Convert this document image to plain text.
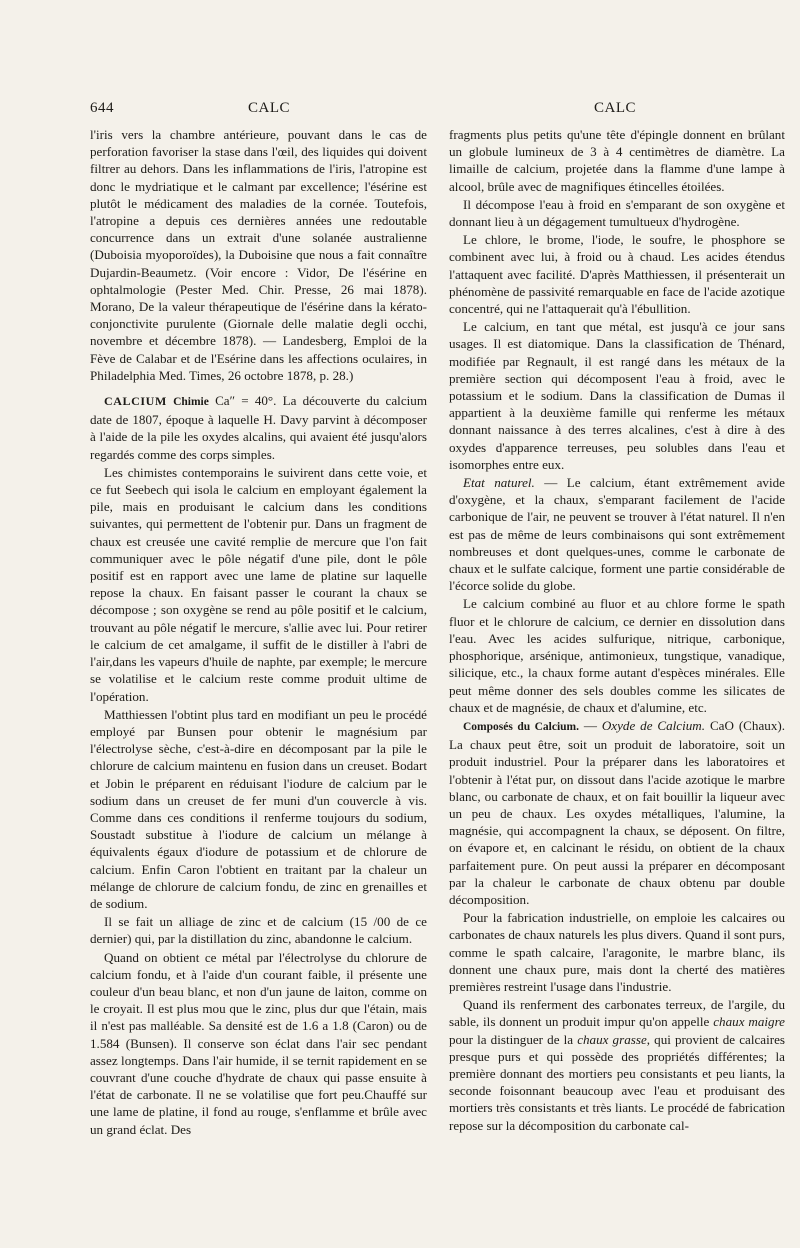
644	CALC	CALC

l'iris vers la chambre antérieure, pouvant dans le cas de perforation favoriser la stase dans l'œil, des liquides qui doivent filtrer au dehors. Dans les inflammations de l'iris, l'atropine est donc le mydriatique et le calmant par excellence; l'ésérine est plutôt le médicament des maladies de la cornée. Toutefois, l'atropine a depuis ces dernières années une redoutable concurrence dans un extrait d'une solanée australienne (Duboisia myoporoïdes), la Duboisine que nous a fait connaître Dujardin-Beaumetz. (Voir encore : Vidor, De l'ésérine en ophtalmologie (Pester Med. Chir. Presse, 26 mai 1878). Morano, De la valeur thérapeutique de l'ésérine dans la kérato-conjonctivite purulente (Giornale delle malatie degli occhi, novembre et décembre 1878). — Landesberg, Emploi de la Fève de Calabar et de l'Esérine dans les affections oculaires, in Philadelphia Med. Times, 26 octobre 1878, p. 28.)

CALCIUM Chimie Ca″ = 40°. La découverte du calcium date de 1807, époque à laquelle H. Davy parvint à décomposer à l'aide de la pile les oxydes alcalins, qui avaient été jusqu'alors regardés comme des corps simples.

Les chimistes contemporains le suivirent dans cette voie, et ce fut Seebech qui isola le calcium en employant également la pile, mais en produisant le calcium dans les conditions suivantes, qui permettent de l'obtenir pur. Dans un fragment de chaux est creusée une cavité remplie de mercure que l'on fait communiquer avec le pôle négatif d'une pile, dont le pôle positif est en rapport avec une lame de platine sur laquelle repose la chaux. En faisant passer le courant la chaux se décompose ; son oxygène se rend au pôle positif et le calcium, trouvant au pôle négatif le mercure, s'allie avec lui. Pour retirer le calcium de cet amalgame, il suffit de le distiller à l'abri de l'air,dans les vapeurs d'huile de naphte, par exemple; le mercure se volatilise et le calcium reste comme produit ultime de l'opération.

Matthiessen l'obtint plus tard en modifiant un peu le procédé employé par Bunsen pour obtenir le magnésium par l'électrolyse sèche, c'est-à-dire en décomposant par la pile le chlorure de calcium maintenu en fusion dans un creuset. Bodart et Jobin le préparent en réduisant l'iodure de calcium par le sodium dans un creuset de fer muni d'un couvercle à vis. Comme dans ces conditions il renferme toujours du sodium, Soustadt substitue à l'iodure de calcium un mélange à équivalents égaux d'iodure de potassium et de chlorure de calcium. Enfin Caron l'obtient en traitant par la chaleur un mélange de chlorure de calcium fondu, de zinc en grenailles et de sodium.

Il se fait un alliage de zinc et de calcium (15 /00 de ce dernier) qui, par la distillation du zinc, abandonne le calcium.

Quand on obtient ce métal par l'électrolyse du chlorure de calcium fondu, et à l'aide d'un courant faible, il présente une couleur d'un beau blanc, et non d'un jaune de laiton, comme on le croyait. Il est plus mou que le zinc, plus dur que l'étain, mais il n'est pas malléable. Sa densité est de 1.6 a 1.8 (Caron) ou de 1.584 (Bunsen). Il conserve son éclat dans l'air sec pendant assez longtemps. Dans l'air humide, il se ternit rapidement en se couvrant d'une couche d'hydrate de chaux qui passe ensuite à l'état de carbonate. Il ne se volatilise que fort peu.Chauffé sur une lame de platine, il fond au rouge, s'enflamme et brûle avec un grand éclat. Des

fragments plus petits qu'une tête d'épingle donnent en brûlant un globule lumineux de 3 à 4 centimètres de diamètre. La limaille de calcium, projetée dans la flamme d'une lampe à alcool, brûle avec de magnifiques étincelles étoilées.

Il décompose l'eau à froid en s'emparant de son oxygène et donnant lieu à un dégagement tumultueux d'hydrogène.

Le chlore, le brome, l'iode, le soufre, le phosphore se combinent avec lui, à froid ou à chaud. Les acides étendus l'attaquent avec facilité. D'après Matthiessen, il présenterait un phénomène de passivité remarquable en face de l'acide azotique concentré, qui ne l'attaquerait qu'à l'ébullition.

Le calcium, en tant que métal, est jusqu'à ce jour sans usages. Il est diatomique. Dans la classification de Thénard, modifiée par Regnault, il est rangé dans les métaux de la première section qui décomposent l'eau à froid, avec le potassium et le sodium. Dans la classification de Dumas il appartient à la deuxième famille qui renferme les métaux donnant naissance à des terres alcalines, c'est à dire à des oxydes d'apparence terreuses, peu solubles dans l'eau et isomorphes entre eux.

Etat naturel. — Le calcium, étant extrêmement avide d'oxygène, et la chaux, s'emparant facilement de l'acide carbonique de l'air, ne peuvent se trouver à l'état naturel. Il n'en est pas de même de leurs combinaisons qui sont extrêmement nombreuses et dont quelques-unes, comme le carbonate de chaux et le sulfate calcique, forment une partie considérable de l'écorce solide du globe.

Le calcium combiné au fluor et au chlore forme le spath fluor et le chlorure de calcium, ce dernier en dissolution dans l'eau. Avec les acides sulfurique, nitrique, carbonique, phosphorique, arsénique, antimonieux, tungstique, vanadique, silicique, etc., la chaux forme autant d'espèces minérales. Elle peut même donner des sels doubles comme les silicates de chaux et de magnésie, de chaux et d'alumine, etc.

Composés du Calcium. — Oxyde de Calcium. CaO (Chaux). La chaux peut être, soit un produit de laboratoire, soit un produit industriel. Pour la préparer dans les laboratoires et l'obtenir à l'état pur, on dissout dans l'acide azotique le marbre blanc, ou carbonate de chaux, et on fait bouillir la liqueur avec un peu de chaux. Les oxydes métalliques, l'alumine, la magnésie, qui accompagnent la chaux, se déposent. On filtre, on évapore et, en calcinant le résidu, on obtient de la chaux parfaitement pure. On peut aussi la préparer en décomposant par la chaleur le carbonate de chaux obtenu par double décomposition.

Pour la fabrication industrielle, on emploie les calcaires ou carbonates de chaux naturels les plus divers. Quand il sont purs, comme le spath calcaire, l'aragonite, le marbre blanc, ils donnent une chaux pure, mais dont la cherté des matières premières restreint l'usage dans l'industrie.

Quand ils renferment des carbonates terreux, de l'argile, du sable, ils donnent un produit impur qu'on appelle chaux maigre pour la distinguer de la chaux grasse, qui provient de calcaires presque purs et qui possède des propriétés différentes; la première donnant des mortiers peu consistants et peu liants, la seconde foisonnant beaucoup avec l'eau et produisant des mortiers très consistants et très liants. Le procédé de fabrication repose sur la décomposition du carbonate cal-
